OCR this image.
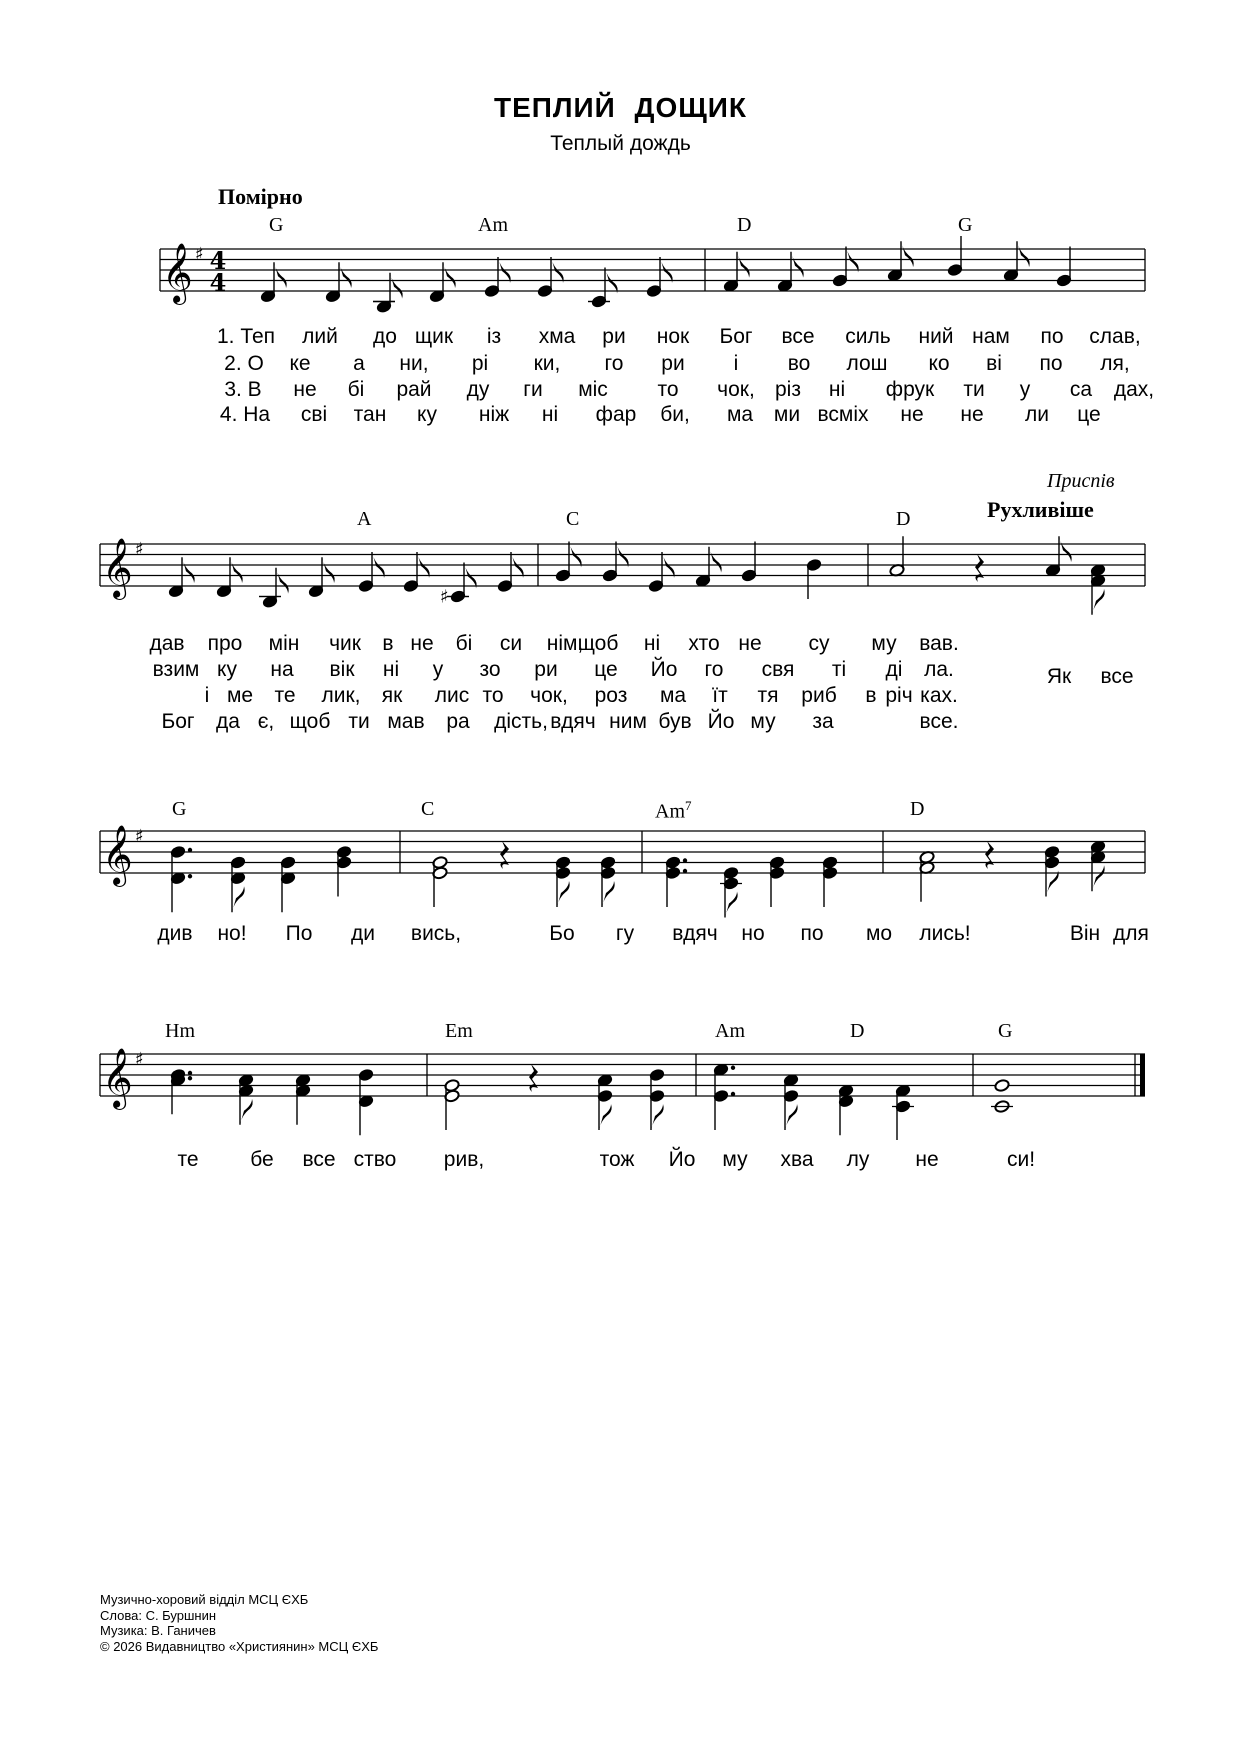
ТЕПЛИЙ ДОЩИК
Теплый дождь
Помірно
G	Am	D	G
𝄞 ♯ 4
4
1. Теп лий до щик із хма ри нок Бог все силь ний нам по слав,
2. О ке а ни, рі ки, го ри і во лош ко ві по ля,
3. В не бі рай ду ги міс то чок, різ ні фрук ти у са дах,
4. На сві тан ку ніж ні фар би, ма ми всміх не не ли це
Приспів
Рухливіше
A	C	D
𝄞 ♯
♯
дав про мін чик в не бі си нім,
щоб ні хто не су му вав.
взим ку на вік ні у зо ри це Йо го свя ті ді ла.
і ме те лик, як лис то чок, роз ма їт тя риб в річ ках.
Бог да є, щоб ти мав ра дість, вдяч ним був Йо му за	все.
Як все
G	C	Am$^7$	D
𝄞 ♯
див но! По ди вись,	Бо гу вдяч но по мо лись!	Він для
Hm	Em	Am	D	G
𝄞 ♯
те бе все ство рив,	тож Йо му хва лу не	си!
Музично-хоровий відділ МСЦ ЄХБ
Слова: С. Буршнин
Музика: В. Ганичев
© 2026 Видавництво «Християнин» МСЦ ЄХБ
